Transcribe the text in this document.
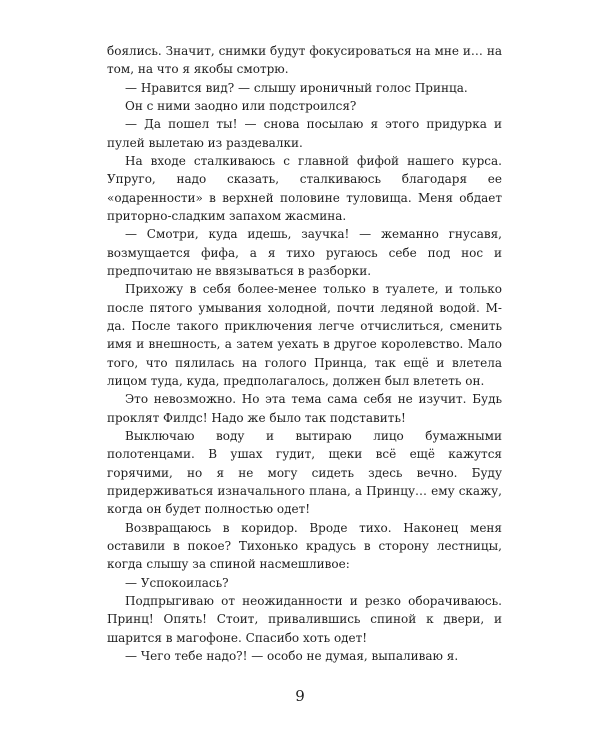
боялись. Значит, снимки будут фокусироваться на мне и… на том, на что я якобы смотрю.

— Нравится вид? — слышу ироничный голос Принца.

Он с ними заодно или подстроился?

— Да пошел ты! — снова посылаю я этого придурка и пулей вылетаю из раздевалки.

На входе сталкиваюсь с главной фифой нашего курса. Упруго, надо сказать, сталкиваюсь благодаря ее «одаренности» в верхней половине туловища. Меня обдает приторно-сладким запахом жасмина.

— Смотри, куда идешь, заучка! — жеманно гнусавя, возмущается фифа, а я тихо ругаюсь себе под нос и предпочитаю не ввязываться в разборки.

Прихожу в себя более-менее только в туалете, и только после пятого умывания холодной, почти ледяной водой. М-да. После такого приключения легче отчислиться, сменить имя и внешность, а затем уехать в другое королевство. Мало того, что пялилась на голого Принца, так ещё и влетела лицом туда, куда, предполагалось, должен был влететь он.

Это невозможно. Но эта тема сама себя не изучит. Будь проклят Филдс! Надо же было так подставить!

Выключаю воду и вытираю лицо бумажными полотенцами. В ушах гудит, щеки всё ещё кажутся горячими, но я не могу сидеть здесь вечно. Буду придерживаться изначального плана, а Принцу… ему скажу, когда он будет полностью одет!

Возвращаюсь в коридор. Вроде тихо. Наконец меня оставили в покое? Тихонько крадусь в сторону лестницы, когда слышу за спиной насмешливое:

— Успокоилась?

Подпрыгиваю от неожиданности и резко оборачиваюсь. Принц! Опять! Стоит, привалившись спиной к двери, и шарится в магофоне. Спасибо хоть одет!

— Чего тебе надо?! — особо не думая, выпаливаю я.

9
